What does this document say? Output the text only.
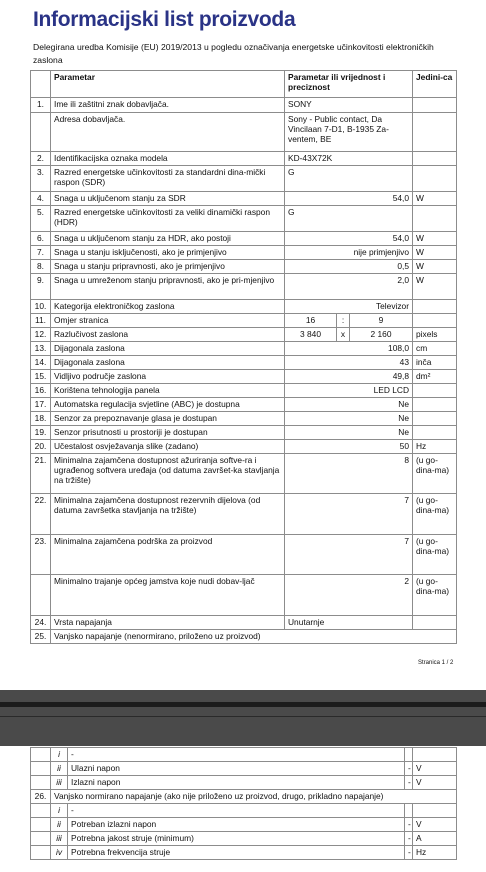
Informacijski list proizvoda
Delegirana uredba Komisije (EU) 2019/2013 u pogledu označivanja energetske učinkovitosti elektroničkih zaslona
	Parametar	Parametar ili vrijednost i preciznost			Jedini-ca
1.	Ime ili zaštitni znak dobavljača.	SONY			
	Adresa dobavljača.	Sony - Public contact, Da Vincilaan 7-D1, B-1935 Za-ventem, BE			
2.	Identifikacijska oznaka modela	KD-43X72K			
3.	Razred energetske učinkovitosti za standardni dina-mički raspon (SDR)	G			
4.	Snaga u uključenom stanju za SDR	54,0			W
5.	Razred energetske učinkovitosti za veliki dinamički raspon (HDR)	G			
6.	Snaga u uključenom stanju za HDR, ako postoji	54,0			W
7.	Snaga u stanju isključenosti, ako je primjenjivo	nije primjenjivo			W
8.	Snaga u stanju pripravnosti, ako je primjenjivo	0,5			W
9.	Snaga u umreženom stanju pripravnosti, ako je pri-mjenjivo	2,0			W
10.	Kategorija elektroničkog zaslona	Televizor			
11.	Omjer stranica	16	:	9	
12.	Razlučivost zaslona	3 840	x	2 160	pixels
13.	Dijagonala zaslona	108,0			cm
14.	Dijagonala zaslona	43			inča
15.	Vidljivo područje zaslona	49,8			dm²
16.	Korištena tehnologija panela	LED LCD			
17.	Automatska regulacija svjetline (ABC) je dostupna	Ne			
18.	Senzor za prepoznavanje glasa je dostupan	Ne			
19.	Senzor prisutnosti u prostoriji je dostupan	Ne			
20.	Učestalost osvježavanja slike (zadano)	50			Hz
21.	Minimalna zajamčena dostupnost ažuriranja softve-ra i ugrađenog softvera uređaja (od datuma završet-ka stavljanja na tržište)	8			(u go-dina-ma)
22.	Minimalna zajamčena dostupnost rezervnih dijelova (od datuma završetka stavljanja na tržište)	7			(u go-dina-ma)
23.	Minimalna zajamčena podrška za proizvod	7			(u go-dina-ma)
	Minimalno trajanje općeg jamstva koje nudi dobav-ljač	2			(u go-dina-ma)
24.	Vrsta napajanja	Unutarnje			
25.	Vanjsko napajanje (nenormirano, priloženo uz proizvod)				
Stranica 1 / 2
	i	-		
	ii	Ulazni napon	-	V
	iii	Izlazni napon	-	V
26.	Vanjsko normirano napajanje (ako nije priloženo uz proizvod, drugo, prikladno napajanje)			
	i	-		
	ii	Potreban izlazni napon	-	V
	iii	Potrebna jakost struje (minimum)	-	A
	iv	Potrebna frekvencija struje	-	Hz
